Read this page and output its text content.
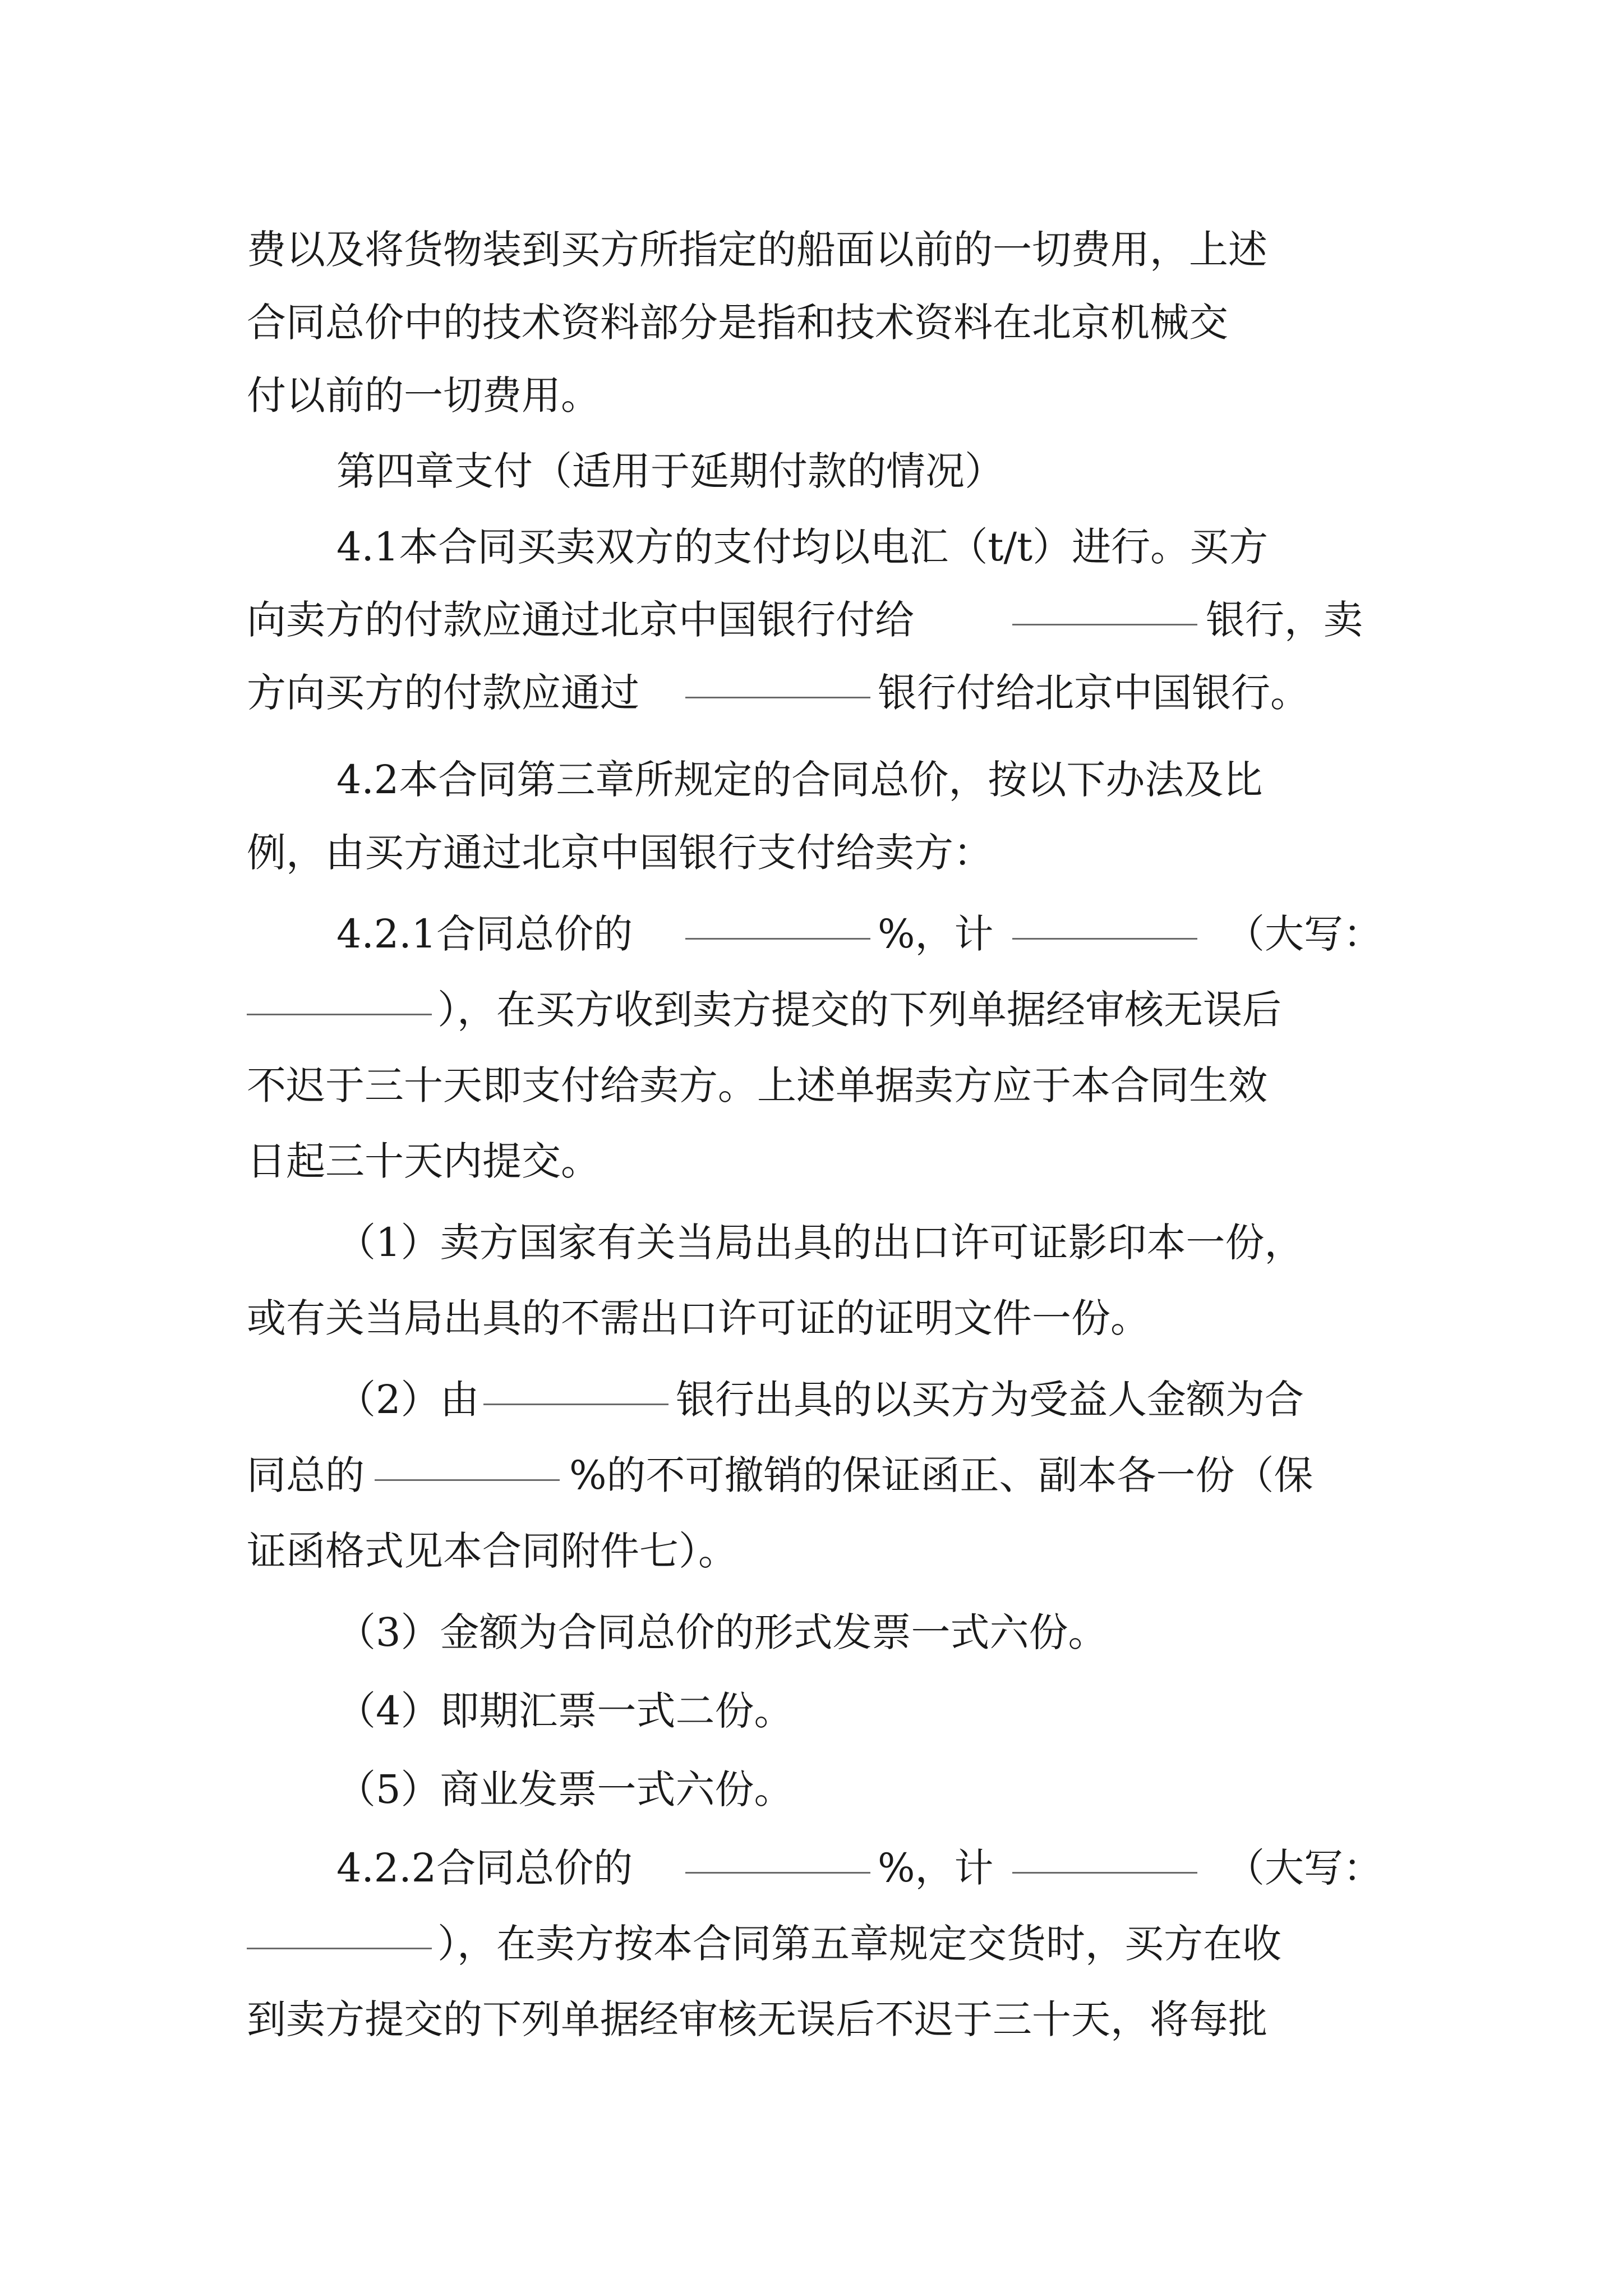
费以及将货物装到买方所指定的船面以前的一切费用，上述
合同总价中的技术资料部分是指和技术资料在北京机械交
付以前的一切费用。
第四章支付（适用于延期付款的情况）
4.1本合同买卖双方的支付均以电汇（t/t）进行。买方
向卖方的付款应通过北京中国银行付给	银行，卖
方向买方的付款应通过	银行付给北京中国银行。
4.2本合同第三章所规定的合同总价，按以下办法及比
例，由买方通过北京中国银行支付给卖方：
4.2.1合同总价的	%，计	（大写：
），在买方收到卖方提交的下列单据经审核无误后
不迟于三十天即支付给卖方。上述单据卖方应于本合同生效
日起三十天内提交。
（1）卖方国家有关当局出具的出口许可证影印本一份，
或有关当局出具的不需出口许可证的证明文件一份。
（2）由	银行出具的以买方为受益人金额为合
同总的	%的不可撤销的保证函正、副本各一份（保
证函格式见本合同附件七）。
（3）金额为合同总价的形式发票一式六份。
（4）即期汇票一式二份。
（5）商业发票一式六份。
4.2.2合同总价的	%，计	（大写：
），在卖方按本合同第五章规定交货时，买方在收
到卖方提交的下列单据经审核无误后不迟于三十天，将每批
